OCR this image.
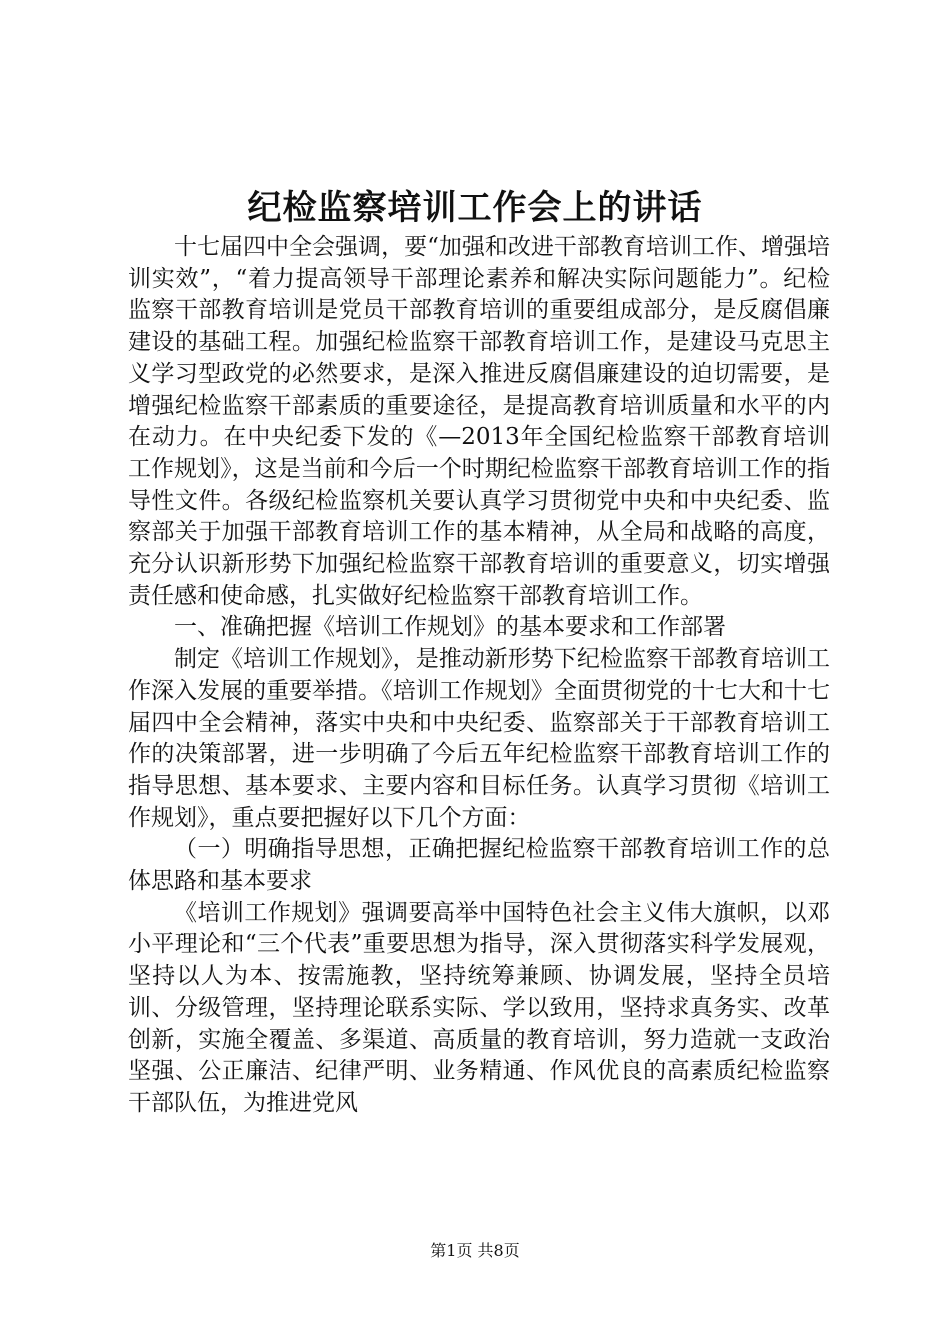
纪检监察培训工作会上的讲话

十七届四中全会强调，要“加强和改进干部教育培训工作、增强培训实效”，“着力提高领导干部理论素养和解决实际问题能力”。纪检监察干部教育培训是党员干部教育培训的重要组成部分，是反腐倡廉建设的基础工程。加强纪检监察干部教育培训工作，是建设马克思主义学习型政党的必然要求，是深入推进反腐倡廉建设的迫切需要，是增强纪检监察干部素质的重要途径，是提高教育培训质量和水平的内在动力。在中央纪委下发的《—2013年全国纪检监察干部教育培训工作规划》，这是当前和今后一个时期纪检监察干部教育培训工作的指导性文件。各级纪检监察机关要认真学习贯彻党中央和中央纪委、监察部关于加强干部教育培训工作的基本精神，从全局和战略的高度，充分认识新形势下加强纪检监察干部教育培训的重要意义，切实增强责任感和使命感，扎实做好纪检监察干部教育培训工作。

一、准确把握《培训工作规划》的基本要求和工作部署

制定《培训工作规划》，是推动新形势下纪检监察干部教育培训工作深入发展的重要举措。《培训工作规划》全面贯彻党的十七大和十七届四中全会精神，落实中央和中央纪委、监察部关于干部教育培训工作的决策部署，进一步明确了今后五年纪检监察干部教育培训工作的指导思想、基本要求、主要内容和目标任务。认真学习贯彻《培训工作规划》，重点要把握好以下几个方面：

（一）明确指导思想，正确把握纪检监察干部教育培训工作的总体思路和基本要求

《培训工作规划》强调要高举中国特色社会主义伟大旗帜，以邓小平理论和“三个代表”重要思想为指导，深入贯彻落实科学发展观，坚持以人为本、按需施教，坚持统筹兼顾、协调发展，坚持全员培训、分级管理，坚持理论联系实际、学以致用，坚持求真务实、改革创新，实施全覆盖、多渠道、高质量的教育培训，努力造就一支政治坚强、公正廉洁、纪律严明、业务精通、作风优良的高素质纪检监察干部队伍，为推进党风

第1页 共8页
